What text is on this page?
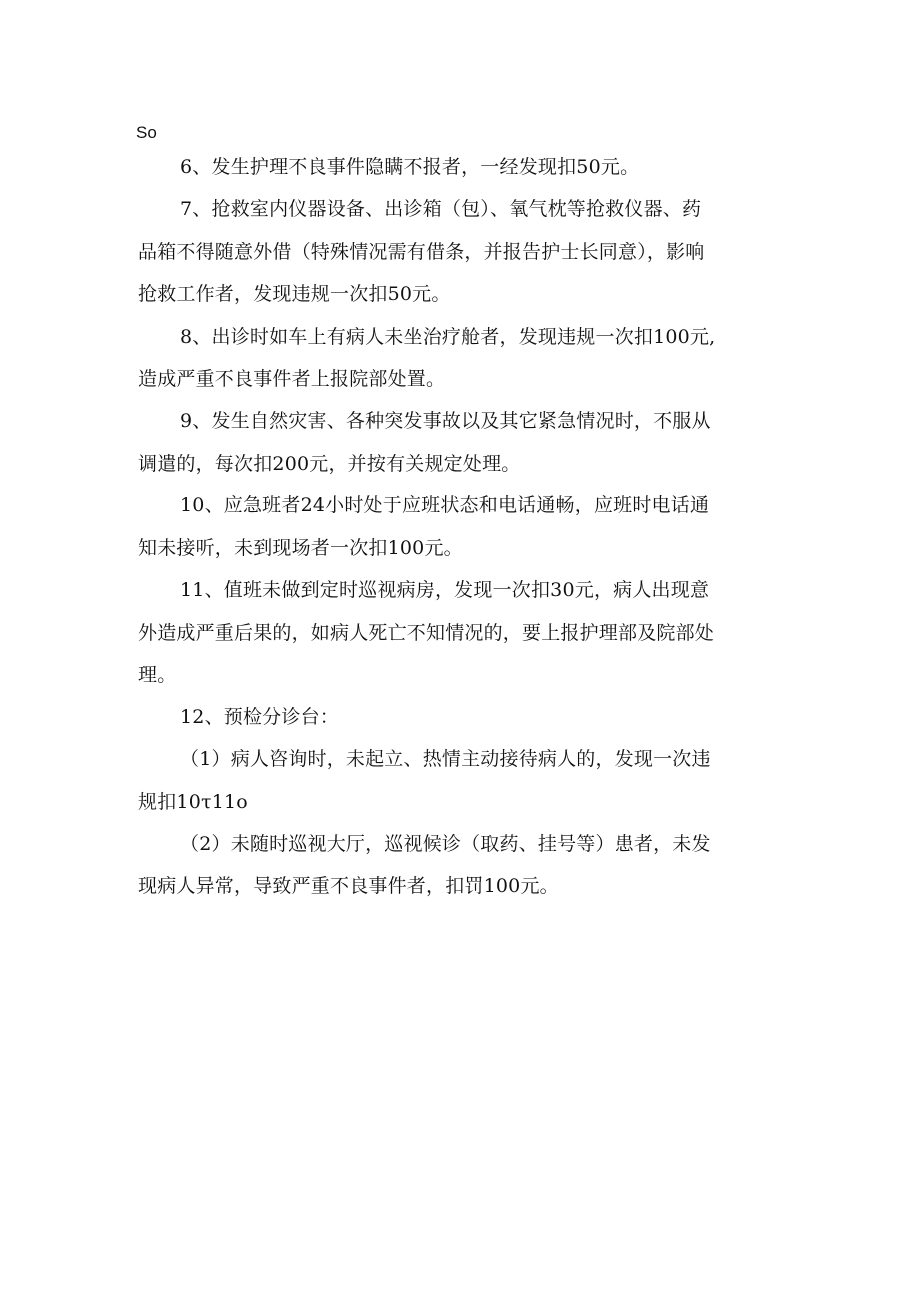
So
6、发生护理不良事件隐瞒不报者，一经发现扣50元。
7、抢救室内仪器设备、出诊箱（包）、氧气枕等抢救仪器、药
品箱不得随意外借（特殊情况需有借条，并报告护士长同意），影响
抢救工作者，发现违规一次扣50元。
8、出诊时如车上有病人未坐治疗舱者，发现违规一次扣100元,
造成严重不良事件者上报院部处置。
9、发生自然灾害、各种突发事故以及其它紧急情况时，不服从
调遣的，每次扣200元，并按有关规定处理。
10、应急班者24小时处于应班状态和电话通畅，应班时电话通
知未接听，未到现场者一次扣100元。
11、值班未做到定时巡视病房，发现一次扣30元，病人出现意
外造成严重后果的，如病人死亡不知情况的，要上报护理部及院部处
理。
12、预检分诊台：
（1）病人咨询时，未起立、热情主动接待病人的，发现一次违
规扣10τ11o
（2）未随时巡视大厅，巡视候诊（取药、挂号等）患者，未发
现病人异常，导致严重不良事件者，扣罚100元。
